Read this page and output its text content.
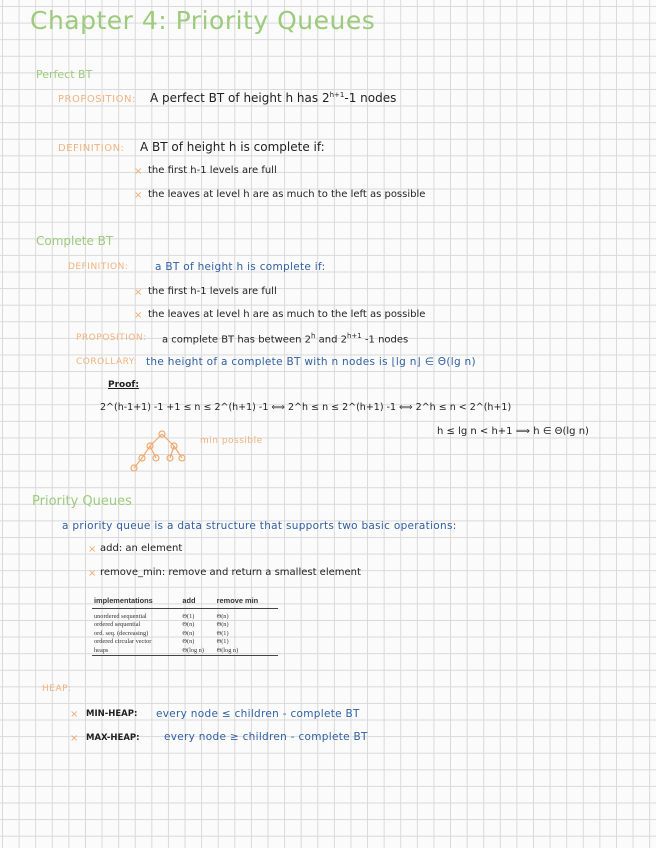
Chapter 4: Priority Queues
Perfect BT
PROPOSITION: A perfect BT of height h has $2^{h+1}-1$ nodes
DEFINITION: A BT of height h is complete if:
× the first h-1 levels are full
× the leaves at level h are as much to the left as possible
Complete BT
DEFINITION:	a BT of height h is complete if:
× the first h-1 levels are full
× the leaves at level h are as much to the left as possible
PROPOSITION: a complete BT has between 2$^h$ and $2^{h+1}$ -1 nodes
COROLLARY: the height of a complete BT with n nodes is ⌊lg n⌋ ∈ Θ(lg n)
Proof:
2^(h-1+1) -1 +1 ≤ n ≤ 2^(h+1) -1 ⟺ 2^h ≤ n ≤ 2^(h+1) -1 ⟺ 2^h ≤ n < 2^(h+1)
h ≤ lg n < h+1 ⟹ h ∈ Θ(lg n)
min possible
Priority Queues
a priority queue is a data structure that supports two basic operations:
× add: an element
× remove_min: remove and return a smallest element
implementations	add	remove min
unordered sequential	Θ(1)	Θ(n)
ordered sequential	Θ(n)	Θ(n)
ord. seq. (decreasing)	Θ(n)	Θ(1)
ordered circular vector	Θ(n)	Θ(1)
heaps	Θ(log n)	Θ(log n)
HEAP:
× MIN-HEAP: every node ≤ children - complete BT
× MAX-HEAP: every node ≥ children - complete BT
